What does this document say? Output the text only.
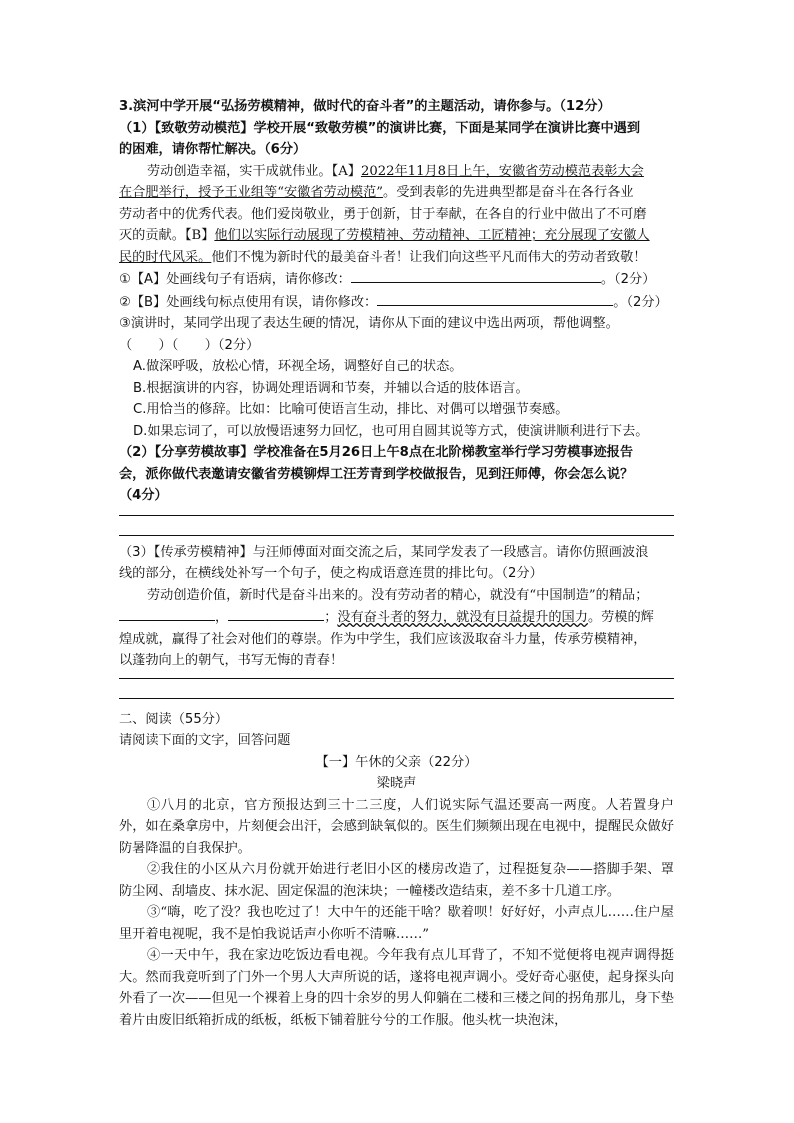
3.滨河中学开展“弘扬劳模精神，做时代的奋斗者”的主题活动，请你参与。（12分）

（1）【致敬劳动模范】学校开展“致敬劳模”的演讲比赛，下面是某同学在演讲比赛中遇到

的困难，请你帮忙解决。（6分）

劳动创造幸福，实干成就伟业。【A】2022年11月8日上午，安徽省劳动模范表彰大会

在合肥举行，授予王业组等“安徽省劳动模范”。受到表彰的先进典型都是奋斗在各行各业

劳动者中的优秀代表。他们爱岗敬业，勇于创新，甘于奉献，在各自的行业中做出了不可磨

灭的贡献。【B】他们以实际行动展现了劳模精神、劳动精神、工匠精神；充分展现了安徽人

民的时代风采。他们不愧为新时代的最美奋斗者！让我们向这些平凡而伟大的劳动者致敬！

①【A】处画线句子有语病，请你修改：	。（2分）

②【B】处画线句标点使用有误，请你修改：	。（2分）

③演讲时，某同学出现了表达生硬的情况，请你从下面的建议中选出两项，帮他调整。

（　　）（　　）（2分）

A.做深呼吸，放松心情，环视全场，调整好自己的状态。

B.根据演讲的内容，协调处理语调和节奏，并辅以合适的肢体语言。

C.用恰当的修辞。比如：比喻可使语言生动，排比、对偶可以增强节奏感。

D.如果忘词了，可以放慢语速努力回忆，也可用自圆其说等方式，使演讲顺利进行下去。

（2）【分享劳模故事】学校准备在5月26日上午8点在北阶梯教室举行学习劳模事迹报告

会，派你做代表邀请安徽省劳模铆焊工汪芳青到学校做报告，见到汪师傅，你会怎么说？

（4分）

（3）【传承劳模精神】与汪师傅面对面交流之后，某同学发表了一段感言。请你仿照画波浪

线的部分，在横线处补写一个句子，使之构成语意连贯的排比句。（2分）

劳动创造价值，新时代是奋斗出来的。没有劳动者的精心，就没有“中国制造”的精品；

，	；没有奋斗者的努力，就没有日益提升的国力。劳模的辉

煌成就，赢得了社会对他们的尊崇。作为中学生，我们应该汲取奋斗力量，传承劳模精神，

以蓬勃向上的朝气，书写无悔的青春！

二、阅读（55分）

请阅读下面的文字，回答问题

【一】午休的父亲（22分）

梁晓声

①八月的北京，官方预报达到三十二三度，人们说实际气温还要高一两度。人若置身户外，如在桑拿房中，片刻便会出汗，会感到缺氧似的。医生们频频出现在电视中，提醒民众做好防暑降温的自我保护。

②我住的小区从六月份就开始进行老旧小区的楼房改造了，过程挺复杂——搭脚手架、罩防尘网、刮墙皮、抹水泥、固定保温的泡沫块；一幢楼改造结束，差不多十几道工序。

③“嗨，吃了没？我也吃过了！大中午的还能干啥？歇着呗！好好好，小声点儿……住户屋里开着电视呢，我不是怕我说话声小你听不清嘛……”

④一天中午，我在家边吃饭边看电视。今年我有点儿耳背了，不知不觉便将电视声调得挺大。然而我竟听到了门外一个男人大声所说的话，遂将电视声调小。受好奇心驱使，起身探头向外看了一次——但见一个裸着上身的四十余岁的男人仰躺在二楼和三楼之间的拐角那儿，身下垫着片由废旧纸箱折成的纸板，纸板下铺着脏兮兮的工作服。他头枕一块泡沫，
